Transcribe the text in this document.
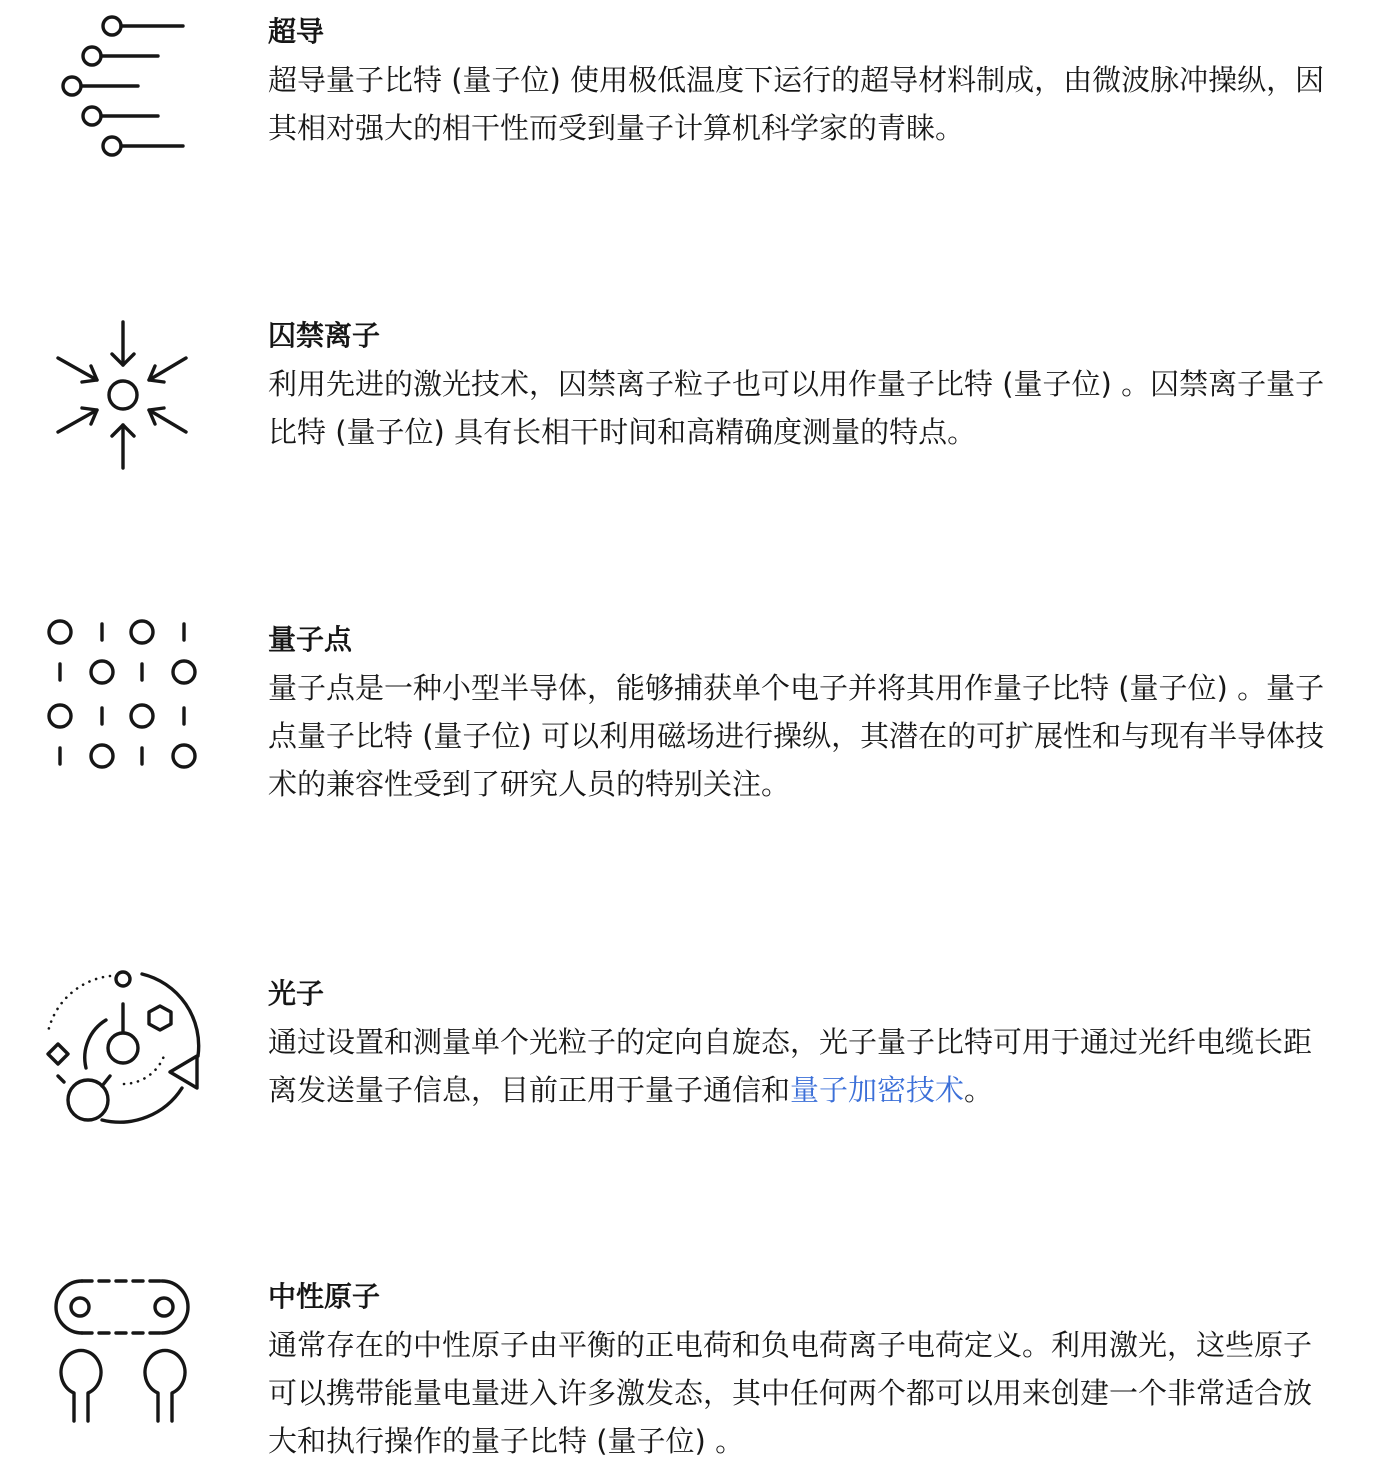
超导

超导量子比特 (量子位) 使用极低温度下运行的超导材料制成，由微波脉冲操纵，因其相对强大的相干性而受到量子计算机科学家的青睐。

囚禁离子

利用先进的激光技术，囚禁离子粒子也可以用作量子比特 (量子位) 。囚禁离子量子比特 (量子位) 具有长相干时间和高精确度测量的特点。

量子点

量子点是一种小型半导体，能够捕获单个电子并将其用作量子比特 (量子位) 。量子点量子比特 (量子位) 可以利用磁场进行操纵，其潜在的可扩展性和与现有半导体技术的兼容性受到了研究人员的特别关注。

光子

通过设置和测量单个光粒子的定向自旋态，光子量子比特可用于通过光纤电缆长距离发送量子信息，目前正用于量子通信和量子加密技术。

中性原子

通常存在的中性原子由平衡的正电荷和负电荷离子电荷定义。利用激光，这些原子可以携带能量电量进入许多激发态，其中任何两个都可以用来创建一个非常适合放大和执行操作的量子比特 (量子位) 。
